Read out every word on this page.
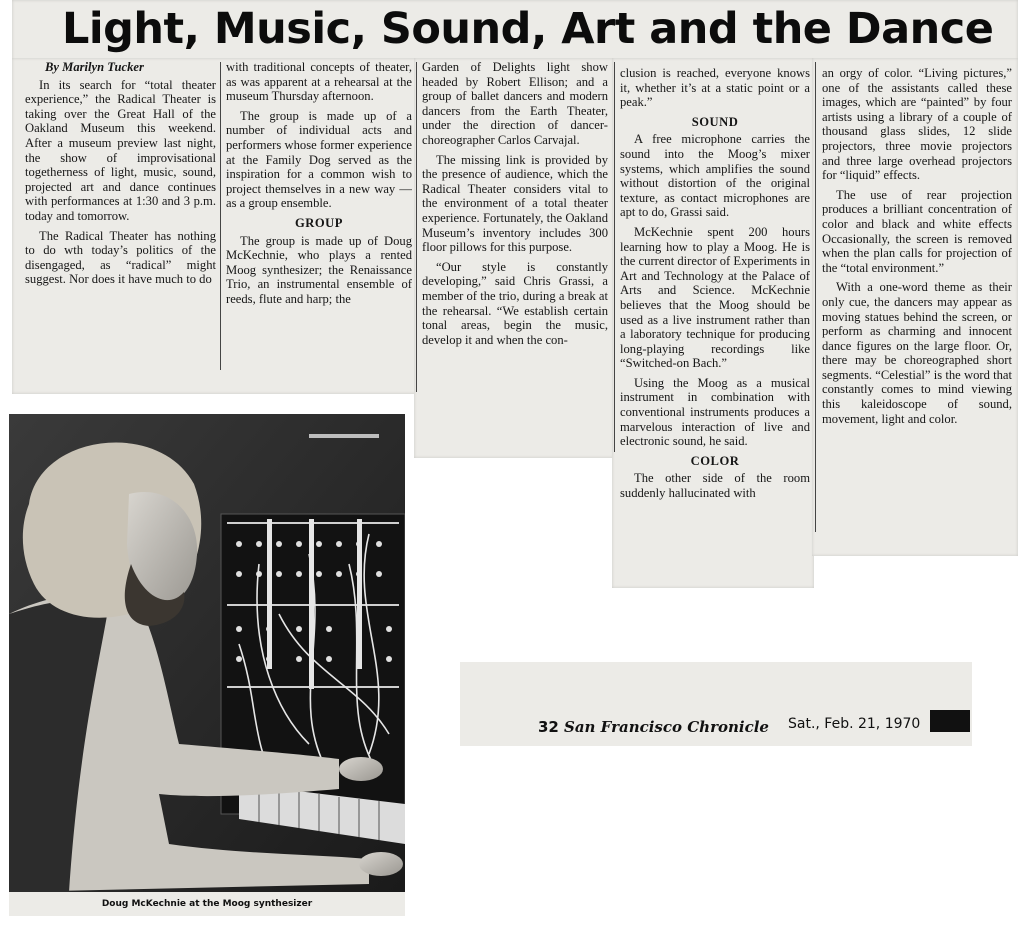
Light, Music, Sound, Art and the Dance

By Marilyn Tucker

In its search for “total theater experience,” the Radical Theater is taking over the Great Hall of the Oakland Museum this weekend. After a museum preview last night, the show of improvisational togetherness of light, music, sound, projected art and dance continues with performances at 1:30 and 3 p.m. today and tomorrow.

The Radical Theater has nothing to do wth today’s politics of the disengaged, as “radical” might suggest. Nor does it have much to do

with traditional concepts of theater, as was apparent at a rehearsal at the museum Thursday afternoon.

The group is made up of a number of individual acts and performers whose former experience at the Family Dog served as the inspiration for a common wish to project themselves in a new way — as a group ensemble.

GROUP

The group is made up of Doug McKechnie, who plays a rented Moog synthesizer; the Renaissance Trio, an instrumental ensemble of reeds, flute and harp; the

Garden of Delights light show headed by Robert Ellison; and a group of ballet dancers and modern dancers from the Earth Theater, under the direction of dancer-choreographer Carlos Carvajal.

The missing link is provided by the presence of audience, which the Radical Theater considers vital to the environment of a total theater experience. Fortunately, the Oakland Museum’s inventory includes 300 floor pillows for this purpose.

“Our style is constantly developing,” said Chris Grassi, a member of the trio, during a break at the rehearsal. “We establish certain tonal areas, begin the music, develop it and when the con-

clusion is reached, everyone knows it, whether it’s at a static point or a peak.”

SOUND

A free microphone carries the sound into the Moog’s mixer systems, which amplifies the sound without distortion of the original texture, as contact microphones are apt to do, Grassi said.

McKechnie spent 200 hours learning how to play a Moog. He is the current director of Experiments in Art and Technology at the Palace of Arts and Science. McKechnie believes that the Moog should be used as a live instrument rather than a laboratory technique for producing long-playing recordings like “Switched-on Bach.”

Using the Moog as a musical instrument in combination with conventional instruments produces a marvelous interaction of live and electronic sound, he said.

COLOR

The other side of the room suddenly hallucinated with

an orgy of color. “Living pictures,” one of the assistants called these images, which are “painted” by four artists using a library of a couple of thousand glass slides, 12 slide projectors, three movie projectors and three large overhead projectors for “liquid” effects.

The use of rear projection produces a brilliant concentration of color and black and white effects Occasionally, the screen is removed when the plan calls for projection of the “total environment.”

With a one-word theme as their only cue, the dancers may appear as moving statues behind the screen, or perform as charming and innocent dance figures on the large floor. Or, there may be choreographed short segments. “Celestial” is the word that constantly comes to mind viewing this kaleidoscope of sound, movement, light and color.

Doug McKechnie at the Moog synthesizer
32 San Francisco Chronicle Sat., Feb. 21, 1970
